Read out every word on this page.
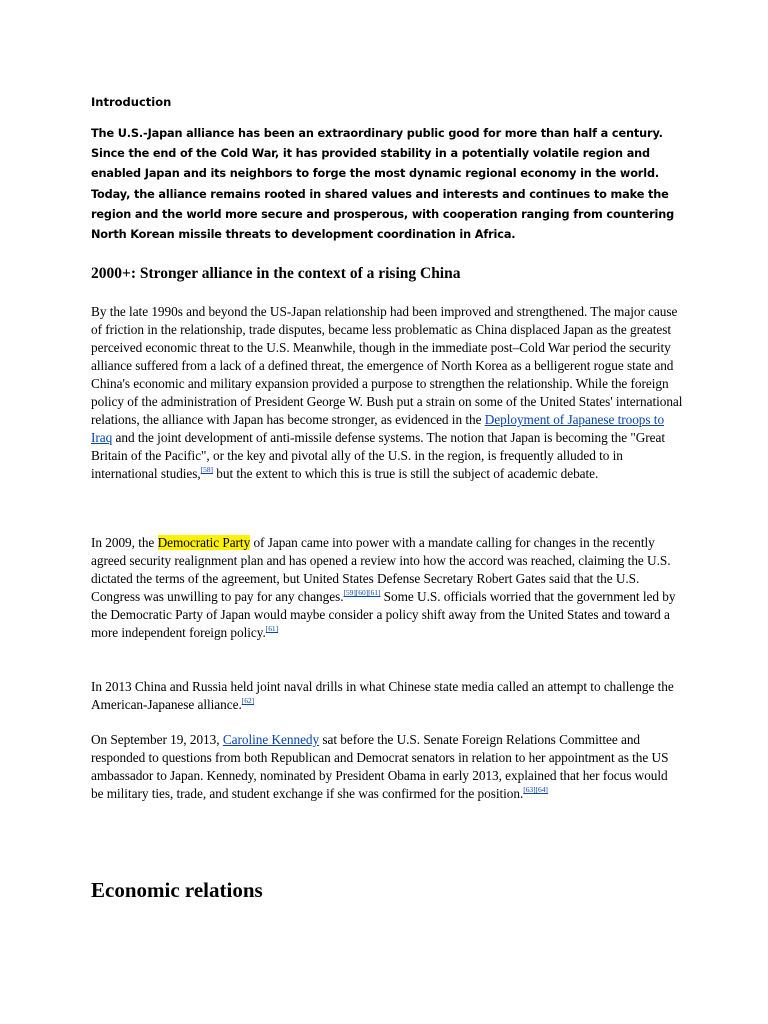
Introduction

The U.S.-Japan alliance has been an extraordinary public good for more than half a century. Since the end of the Cold War, it has provided stability in a potentially volatile region and enabled Japan and its neighbors to forge the most dynamic regional economy in the world. Today, the alliance remains rooted in shared values and interests and continues to make the region and the world more secure and prosperous, with cooperation ranging from countering North Korean missile threats to development coordination in Africa.

2000+: Stronger alliance in the context of a rising China

By the late 1990s and beyond the US-Japan relationship had been improved and strengthened. The major cause of friction in the relationship, trade disputes, became less problematic as China displaced Japan as the greatest perceived economic threat to the U.S. Meanwhile, though in the immediate post–Cold War period the security alliance suffered from a lack of a defined threat, the emergence of North Korea as a belligerent rogue state and China's economic and military expansion provided a purpose to strengthen the relationship. While the foreign policy of the administration of President George W. Bush put a strain on some of the United States' international relations, the alliance with Japan has become stronger, as evidenced in the Deployment of Japanese troops to Iraq and the joint development of anti-missile defense systems. The notion that Japan is becoming the "Great Britain of the Pacific", or the key and pivotal ally of the U.S. in the region, is frequently alluded to in international studies,[58] but the extent to which this is true is still the subject of academic debate.

In 2009, the Democratic Party of Japan came into power with a mandate calling for changes in the recently agreed security realignment plan and has opened a review into how the accord was reached, claiming the U.S. dictated the terms of the agreement, but United States Defense Secretary Robert Gates said that the U.S. Congress was unwilling to pay for any changes.[59][60][61] Some U.S. officials worried that the government led by the Democratic Party of Japan would maybe consider a policy shift away from the United States and toward a more independent foreign policy.[61]

In 2013 China and Russia held joint naval drills in what Chinese state media called an attempt to challenge the American-Japanese alliance.[62]

On September 19, 2013, Caroline Kennedy sat before the U.S. Senate Foreign Relations Committee and responded to questions from both Republican and Democrat senators in relation to her appointment as the US ambassador to Japan. Kennedy, nominated by President Obama in early 2013, explained that her focus would be military ties, trade, and student exchange if she was confirmed for the position.[63][64]

Economic relations
